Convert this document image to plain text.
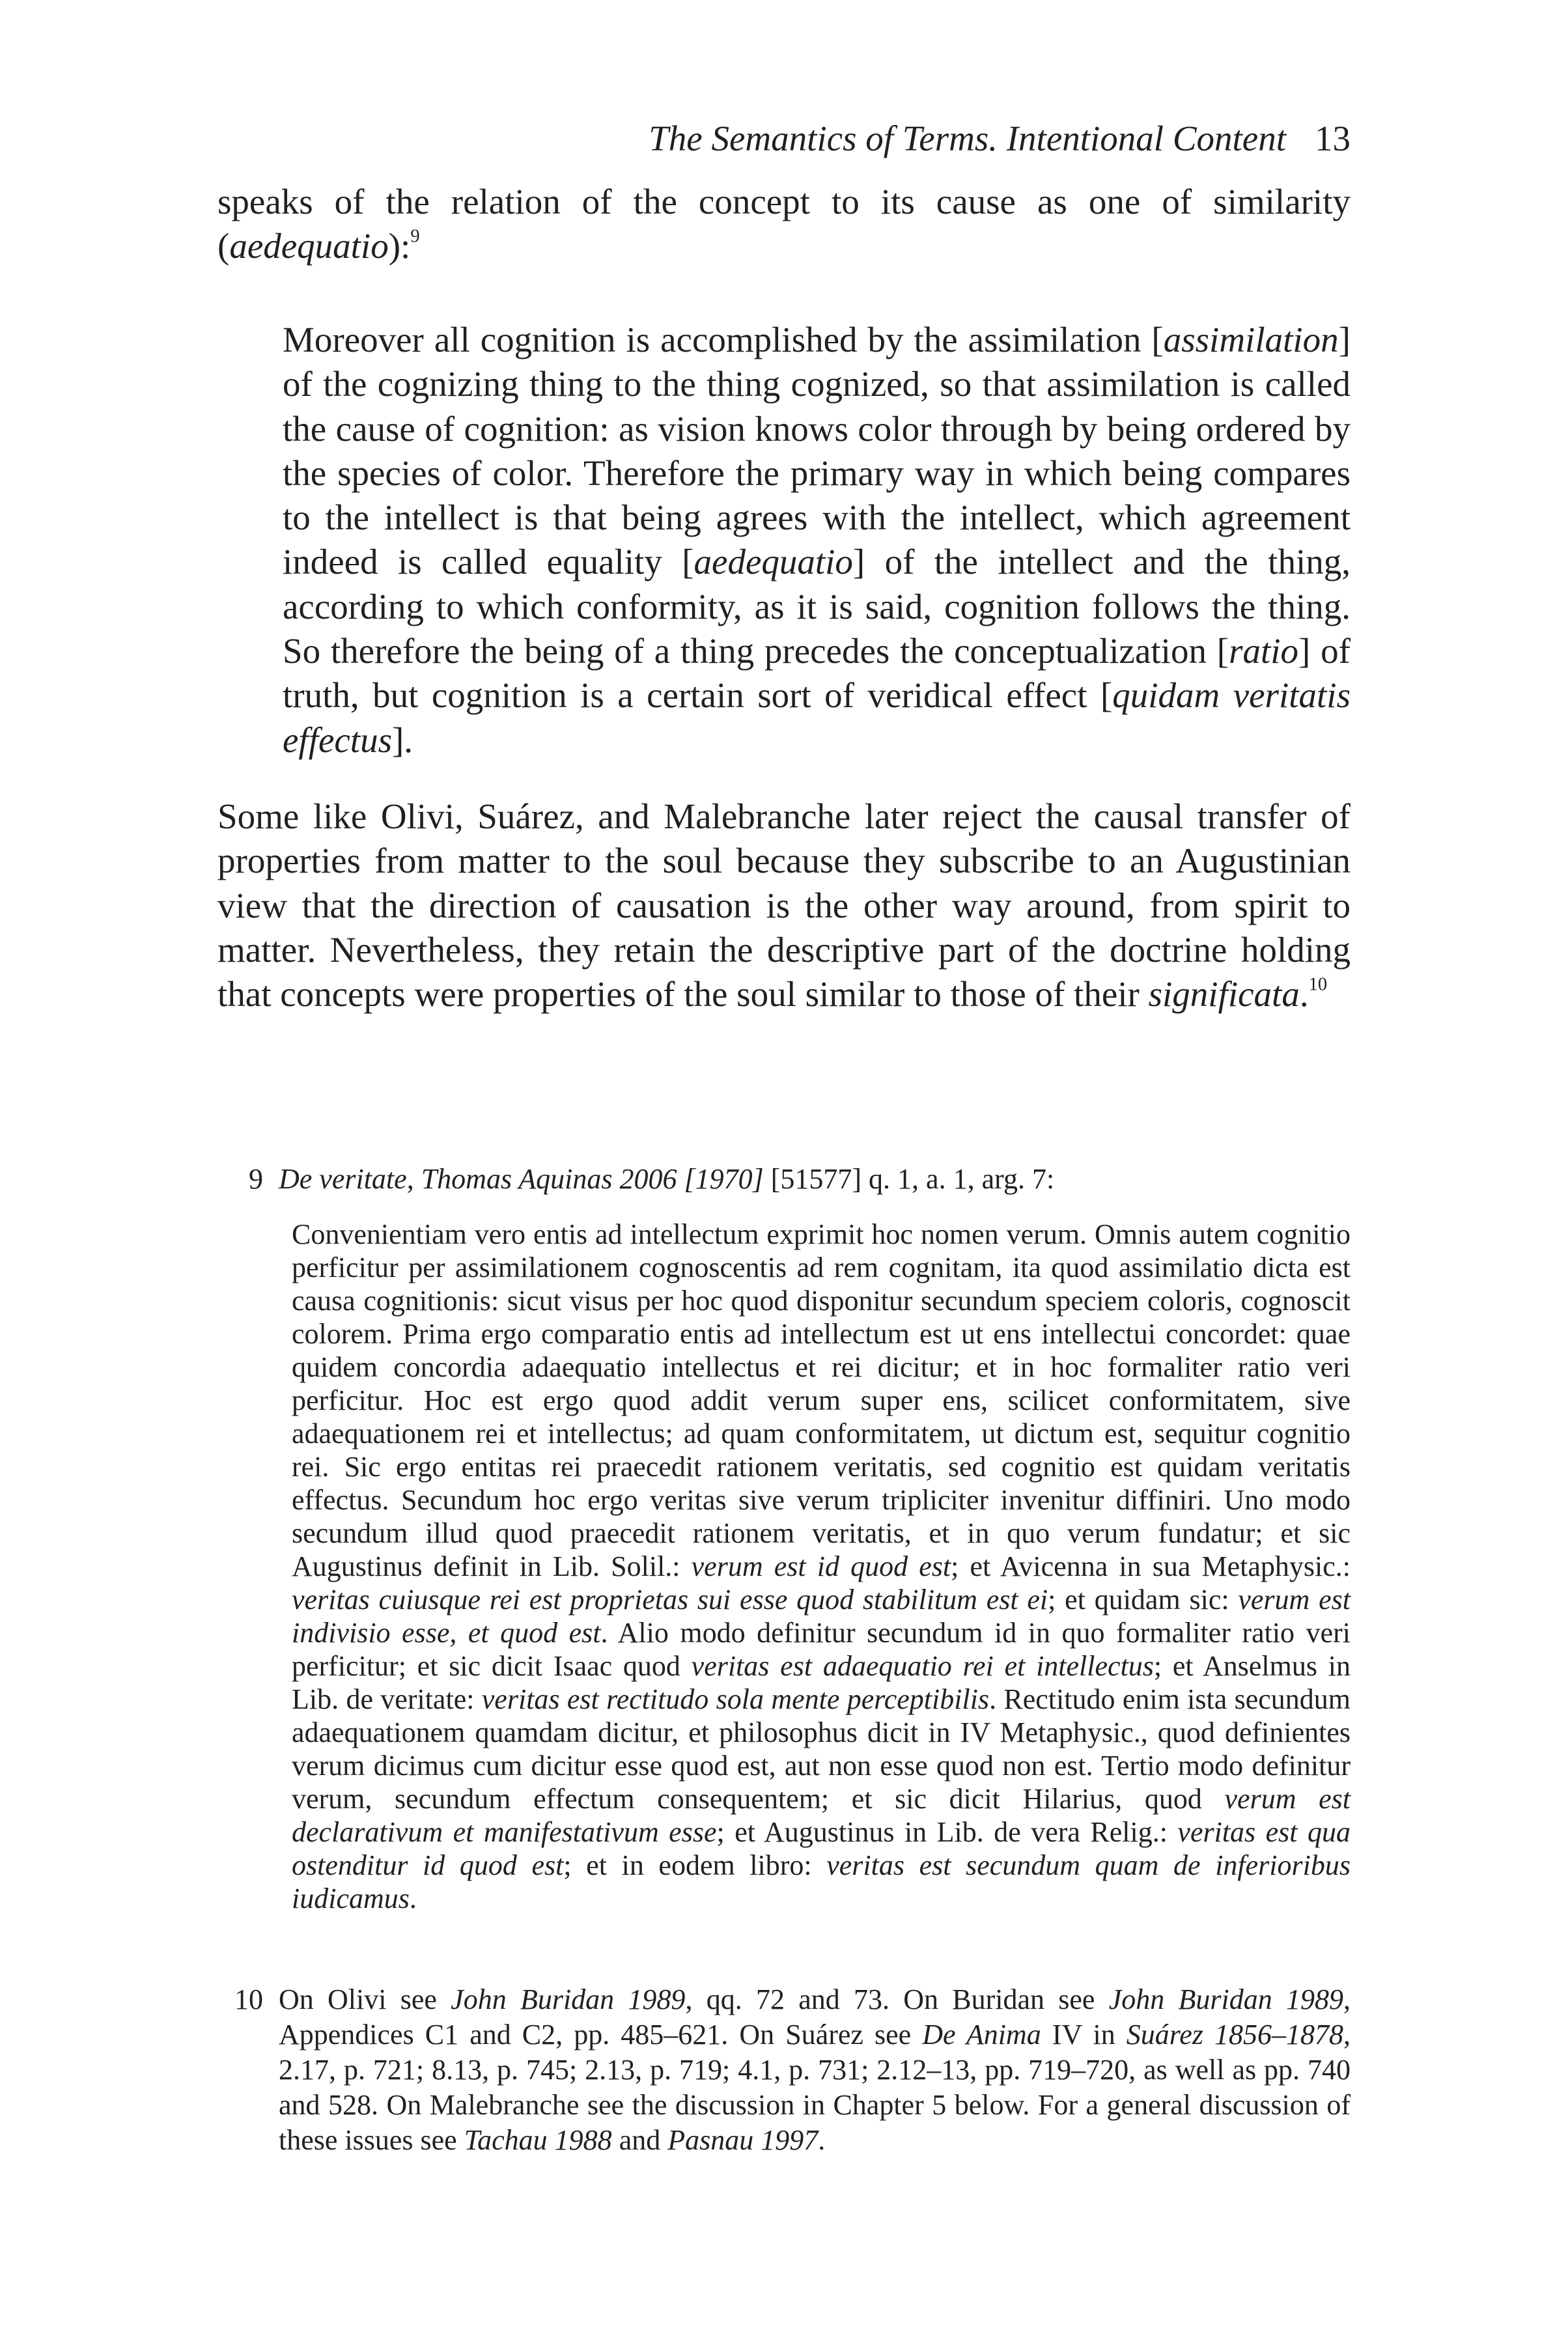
The Semantics of Terms. Intentional Content 13

speaks of the relation of the concept to its cause as one of similarity (aedequatio):$^9$

Moreover all cognition is accomplished by the assimilation [assimilation] of the cognizing thing to the thing cognized, so that assimilation is called the cause of cognition: as vision knows color through by being ordered by the species of color. Therefore the primary way in which being compares to the intellect is that being agrees with the intellect, which agreement indeed is called equality [aedequatio] of the intellect and the thing, according to which conformity, as it is said, cognition follows the thing. So therefore the being of a thing precedes the conceptualization [ratio] of truth, but cognition is a certain sort of veridical effect [quidam veritatis effectus].

Some like Olivi, Suárez, and Malebranche later reject the causal transfer of properties from matter to the soul because they subscribe to an Augustinian view that the direction of causation is the other way around, from spirit to matter. Nevertheless, they retain the descriptive part of the doctrine holding that concepts were properties of the soul similar to those of their significata.$^{10}$

9 De veritate, Thomas Aquinas 2006 [1970] [51577] q. 1, a. 1, arg. 7:

Convenientiam vero entis ad intellectum exprimit hoc nomen verum. Omnis autem cognitio perficitur per assimilationem cognoscentis ad rem cognitam, ita quod assimilatio dicta est causa cognitionis: sicut visus per hoc quod disponitur secundum speciem coloris, cognoscit colorem. Prima ergo comparatio entis ad intellectum est ut ens intellectui concordet: quae quidem concordia adaequatio intellectus et rei dicitur; et in hoc formaliter ratio veri perficitur. Hoc est ergo quod addit verum super ens, scilicet conformitatem, sive adaequationem rei et intellectus; ad quam conformitatem, ut dictum est, sequitur cognitio rei. Sic ergo entitas rei praecedit rationem veritatis, sed cognitio est quidam veritatis effectus. Secundum hoc ergo veritas sive verum tripliciter invenitur diffiniri. Uno modo secundum illud quod praecedit rationem veritatis, et in quo verum fundatur; et sic Augustinus definit in Lib. Solil.: verum est id quod est; et Avicenna in sua Metaphysic.: veritas cuiusque rei est proprietas sui esse quod stabilitum est ei; et quidam sic: verum est indivisio esse, et quod est. Alio modo definitur secundum id in quo formaliter ratio veri perficitur; et sic dicit Isaac quod veritas est adaequatio rei et intellectus; et Anselmus in Lib. de veritate: veritas est rectitudo sola mente perceptibilis. Rectitudo enim ista secundum adaequationem quamdam dicitur, et philosophus dicit in IV Metaphysic., quod definientes verum dicimus cum dicitur esse quod est, aut non esse quod non est. Tertio modo definitur verum, secundum effectum consequentem; et sic dicit Hilarius, quod verum est declarativum et manifestativum esse; et Augustinus in Lib. de vera Relig.: veritas est qua ostenditur id quod est; et in eodem libro: veritas est secundum quam de inferioribus iudicamus.

10 On Olivi see John Buridan 1989, qq. 72 and 73. On Buridan see John Buridan 1989, Appendices C1 and C2, pp. 485–621. On Suárez see De Anima IV in Suárez 1856–1878, 2.17, p. 721; 8.13, p. 745; 2.13, p. 719; 4.1, p. 731; 2.12–13, pp. 719–720, as well as pp. 740 and 528. On Malebranche see the discussion in Chapter 5 below. For a general discussion of these issues see Tachau 1988 and Pasnau 1997.
